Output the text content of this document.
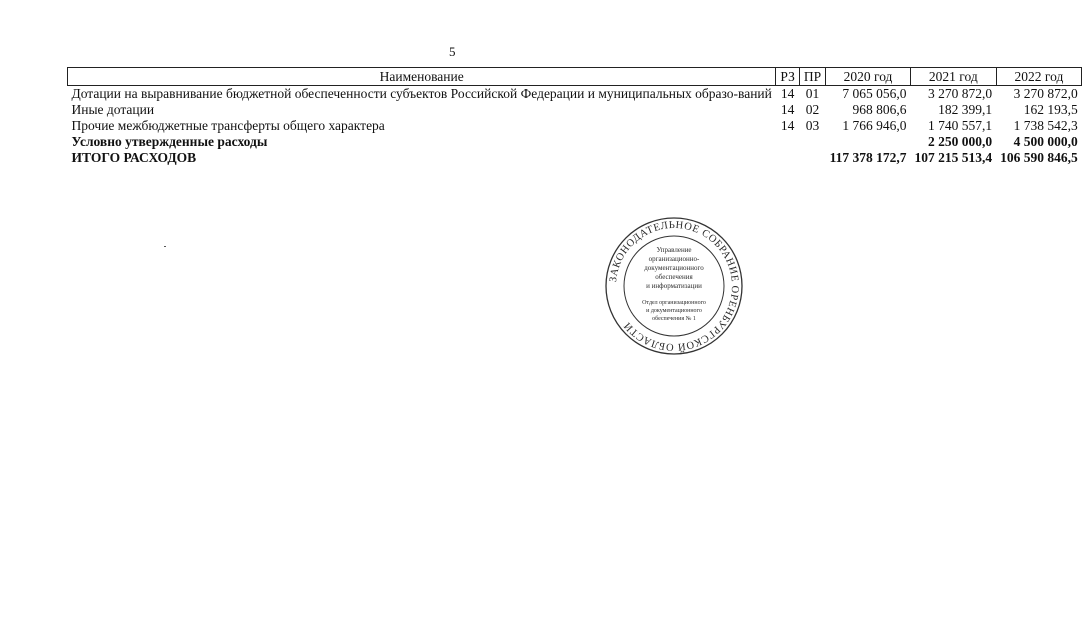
5
Наименование	РЗ	ПР	2020 год	2021 год	2022 год
Дотации на выравнивание бюджетной обеспеченности субъектов Российской Федерации и муниципальных образо-ваний	14	01	7 065 056,0	3 270 872,0	3 270 872,0
Иные дотации	14	02	968 806,6	182 399,1	162 193,5
Прочие межбюджетные трансферты общего характера	14	03	1 766 946,0	1 740 557,1	1 738 542,3
Условно утвержденные расходы				2 250 000,0	4 500 000,0
ИТОГО РАСХОДОВ			117 378 172,7	107 215 513,4	106 590 846,5
ЗАКОНОДАТЕЛЬНОЕ СОБРАНИЕ ОРЕНБУРГСКОЙ ОБЛАСТИ
Управление
организационно-
документационного
обеспечения
и информатизации
Отдел организационного
и документационного
обеспечения № 1
